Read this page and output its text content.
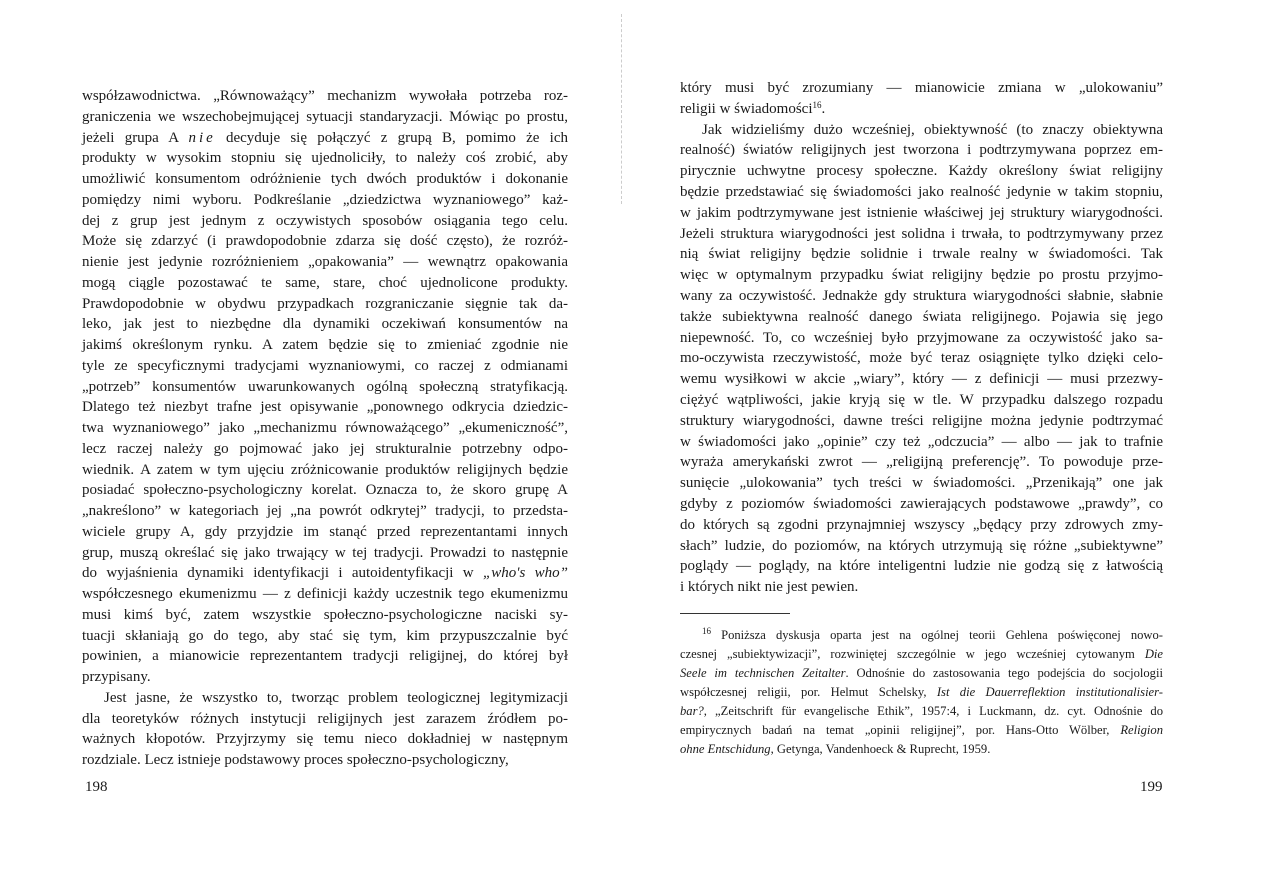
współzawodnictwa. „Równoważący” mechanizm wywołała potrzeba roz-
graniczenia we wszechobejmującej sytuacji standaryzacji. Mówiąc po prostu,
jeżeli grupa A nie decyduje się połączyć z grupą B, pomimo że ich
produkty w wysokim stopniu się ujednoliciły, to należy coś zrobić, aby
umożliwić konsumentom odróżnienie tych dwóch produktów i dokonanie
pomiędzy nimi wyboru. Podkreślanie „dziedzictwa wyznaniowego” każ-
dej z grup jest jednym z oczywistych sposobów osiągania tego celu.
Może się zdarzyć (i prawdopodobnie zdarza się dość często), że rozróż-
nienie jest jedynie rozróżnieniem „opakowania” — wewnątrz opakowania
mogą ciągle pozostawać te same, stare, choć ujednolicone produkty.
Prawdopodobnie w obydwu przypadkach rozgraniczanie sięgnie tak da-
leko, jak jest to niezbędne dla dynamiki oczekiwań konsumentów na
jakimś określonym rynku. A zatem będzie się to zmieniać zgodnie nie
tyle ze specyficznymi tradycjami wyznaniowymi, co raczej z odmianami
„potrzeb” konsumentów uwarunkowanych ogólną społeczną stratyfikacją.
Dlatego też niezbyt trafne jest opisywanie „ponownego odkrycia dziedzic-
twa wyznaniowego” jako „mechanizmu równoważącego” „ekumeniczność”,
lecz raczej należy go pojmować jako jej strukturalnie potrzebny odpo-
wiednik. A zatem w tym ujęciu zróżnicowanie produktów religijnych będzie
posiadać społeczno-psychologiczny korelat. Oznacza to, że skoro grupę A
„nakreślono” w kategoriach jej „na powrót odkrytej” tradycji, to przedsta-
wiciele grupy A, gdy przyjdzie im stanąć przed reprezentantami innych
grup, muszą określać się jako trwający w tej tradycji. Prowadzi to następnie
do wyjaśnienia dynamiki identyfikacji i autoidentyfikacji w „who's who”
współczesnego ekumenizmu — z definicji każdy uczestnik tego ekumenizmu
musi kimś być, zatem wszystkie społeczno-psychologiczne naciski sy-
tuacji skłaniają go do tego, aby stać się tym, kim przypuszczalnie być
powinien, a mianowicie reprezentantem tradycji religijnej, do której był
przypisany.
Jest jasne, że wszystko to, tworząc problem teologicznej legitymizacji
dla teoretyków różnych instytucji religijnych jest zarazem źródłem po-
ważnych kłopotów. Przyjrzymy się temu nieco dokładniej w następnym
rozdziale. Lecz istnieje podstawowy proces społeczno-psychologiczny,
198
który musi być zrozumiany — mianowicie zmiana w „ulokowaniu”
religii w świadomości$^{16}$.
Jak widzieliśmy dużo wcześniej, obiektywność (to znaczy obiektywna
realność) światów religijnych jest tworzona i podtrzymywana poprzez em-
pirycznie uchwytne procesy społeczne. Każdy określony świat religijny
będzie przedstawiać się świadomości jako realność jedynie w takim stopniu,
w jakim podtrzymywane jest istnienie właściwej jej struktury wiarygodności.
Jeżeli struktura wiarygodności jest solidna i trwała, to podtrzymywany przez
nią świat religijny będzie solidnie i trwale realny w świadomości. Tak
więc w optymalnym przypadku świat religijny będzie po prostu przyjmo-
wany za oczywistość. Jednakże gdy struktura wiarygodności słabnie, słabnie
także subiektywna realność danego świata religijnego. Pojawia się jego
niepewność. To, co wcześniej było przyjmowane za oczywistość jako sa-
mo-oczywista rzeczywistość, może być teraz osiągnięte tylko dzięki celo-
wemu wysiłkowi w akcie „wiary”, który — z definicji — musi przezwy-
ciężyć wątpliwości, jakie kryją się w tle. W przypadku dalszego rozpadu
struktury wiarygodności, dawne treści religijne można jedynie podtrzymać
w świadomości jako „opinie” czy też „odczucia” — albo — jak to trafnie
wyraża amerykański zwrot — „religijną preferencję”. To powoduje prze-
sunięcie „ulokowania” tych treści w świadomości. „Przenikają” one jak
gdyby z poziomów świadomości zawierających podstawowe „prawdy”, co
do których są zgodni przynajmniej wszyscy „będący przy zdrowych zmy-
słach” ludzie, do poziomów, na których utrzymują się różne „subiektywne”
poglądy — poglądy, na które inteligentni ludzie nie godzą się z łatwością
i których nikt nie jest pewien.
$^{16}$ Poniższa dyskusja oparta jest na ogólnej teorii Gehlena poświęconej nowo-
czesnej „subiektywizacji”, rozwiniętej szczególnie w jego wcześniej cytowanym Die
Seele im technischen Zeitalter. Odnośnie do zastosowania tego podejścia do socjologii
współczesnej religii, por. Helmut Schelsky, Ist die Dauerreflektion institutionalisier-
bar?, „Zeitschrift für evangelische Ethik”, 1957:4, i Luckmann, dz. cyt. Odnośnie do
empirycznych badań na temat „opinii religijnej”, por. Hans-Otto Wölber, Religion
ohne Entschidung, Getynga, Vandenhoeck & Ruprecht, 1959.
199
